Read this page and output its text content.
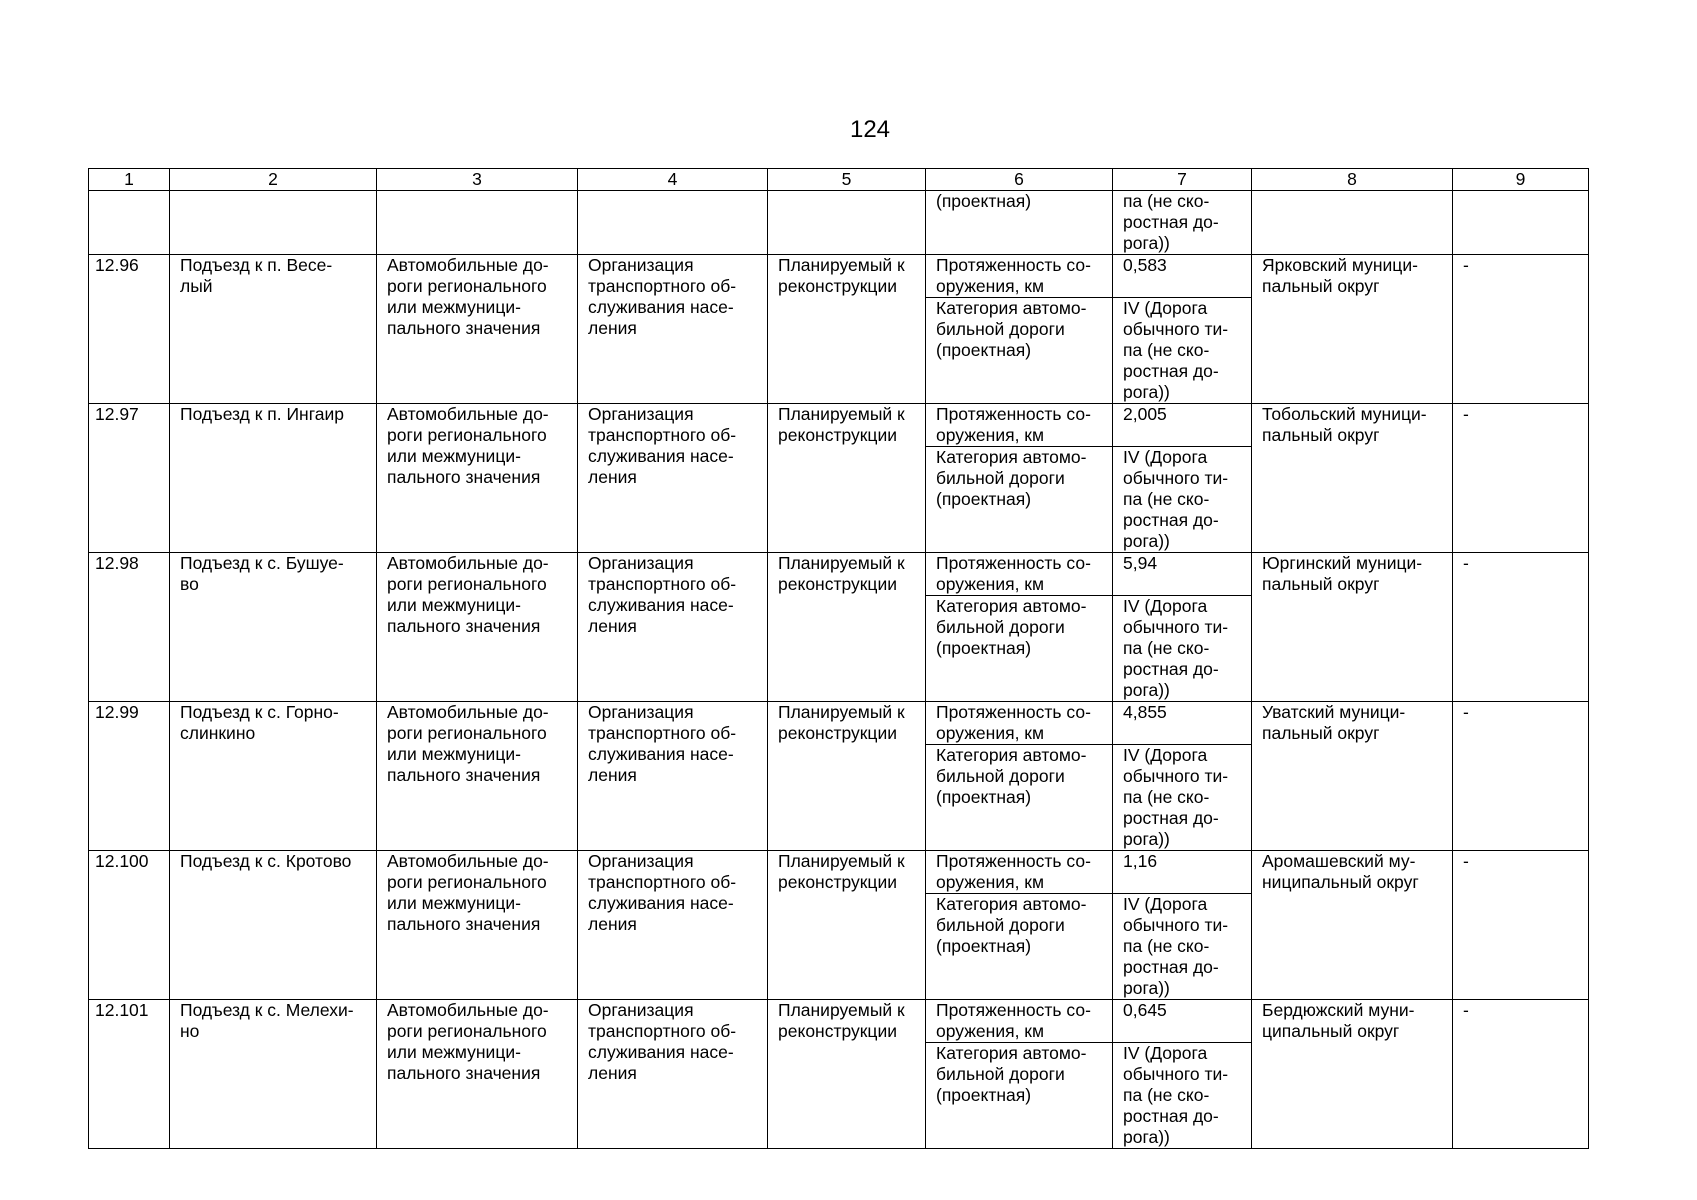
124
1	2	3	4	5	6	7	8	9
					(проектная)	па (не ско-
ростная до-
рога))		
12.96	Подъезд к п. Весе-
лый	Автомобильные до-
роги регионального
или межмуници-
пального значения	Организация
транспортного об-
служивания насе-
ления	Планируемый к
реконструкции	Протяженность со-
оружения, км	0,583	Ярковский муници-
пальный округ	-
					Категория автомо-
бильной дороги
(проектная)	IV (Дорога
обычного ти-
па (не ско-
ростная до-
рога))		
12.97	Подъезд к п. Ингаир	Автомобильные до-
роги регионального
или межмуници-
пального значения	Организация
транспортного об-
служивания насе-
ления	Планируемый к
реконструкции	Протяженность со-
оружения, км	2,005	Тобольский муници-
пальный округ	-
					Категория автомо-
бильной дороги
(проектная)	IV (Дорога
обычного ти-
па (не ско-
ростная до-
рога))		
12.98	Подъезд к с. Бушуе-
во	Автомобильные до-
роги регионального
или межмуници-
пального значения	Организация
транспортного об-
служивания насе-
ления	Планируемый к
реконструкции	Протяженность со-
оружения, км	5,94	Юргинский муници-
пальный округ	-
					Категория автомо-
бильной дороги
(проектная)	IV (Дорога
обычного ти-
па (не ско-
ростная до-
рога))		
12.99	Подъезд к с. Горно-
слинкино	Автомобильные до-
роги регионального
или межмуници-
пального значения	Организация
транспортного об-
служивания насе-
ления	Планируемый к
реконструкции	Протяженность со-
оружения, км	4,855	Уватский муници-
пальный округ	-
					Категория автомо-
бильной дороги
(проектная)	IV (Дорога
обычного ти-
па (не ско-
ростная до-
рога))		
12.100	Подъезд к с. Кротово	Автомобильные до-
роги регионального
или межмуници-
пального значения	Организация
транспортного об-
служивания насе-
ления	Планируемый к
реконструкции	Протяженность со-
оружения, км	1,16	Аромашевский му-
ниципальный округ	-
					Категория автомо-
бильной дороги
(проектная)	IV (Дорога
обычного ти-
па (не ско-
ростная до-
рога))		
12.101	Подъезд к с. Мелехи-
но	Автомобильные до-
роги регионального
или межмуници-
пального значения	Организация
транспортного об-
служивания насе-
ления	Планируемый к
реконструкции	Протяженность со-
оружения, км	0,645	Бердюжский муни-
ципальный округ	-
					Категория автомо-
бильной дороги
(проектная)	IV (Дорога
обычного ти-
па (не ско-
ростная до-
рога))		
